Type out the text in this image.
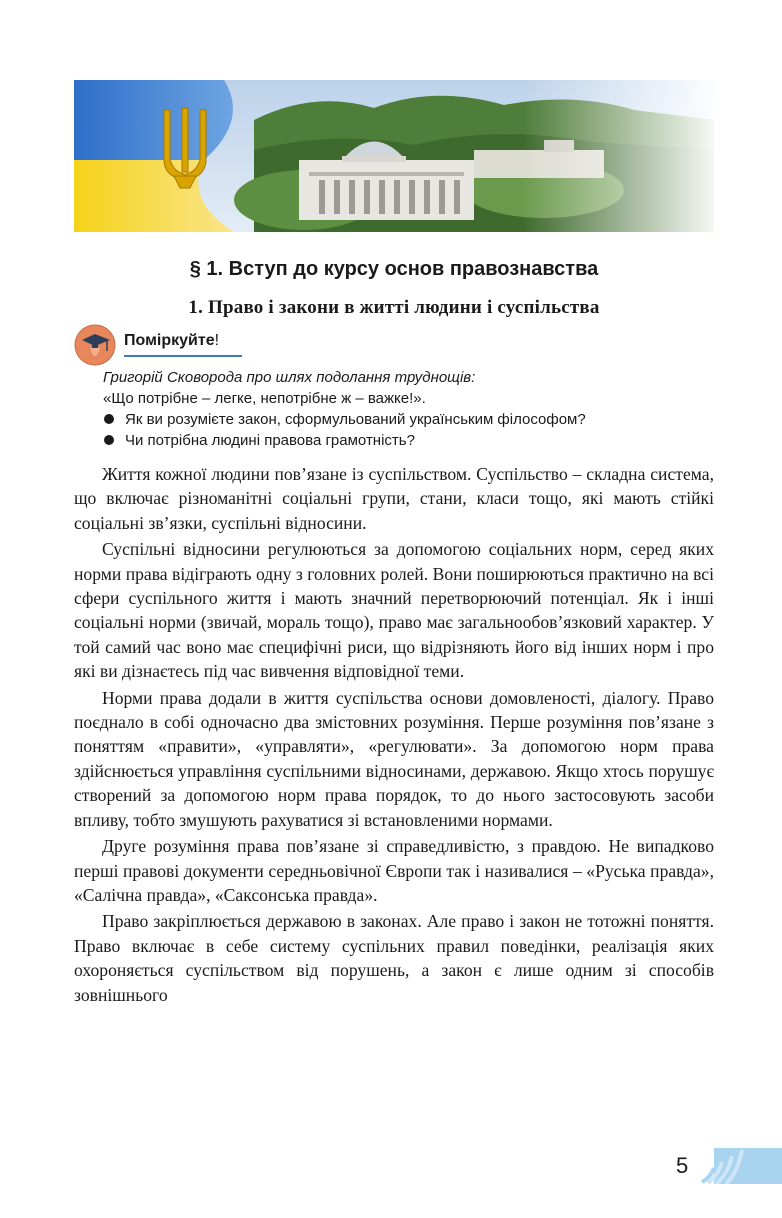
§ 1. Вступ до курсу основ правознавства
1. Право і закони в житті людини і суспільства
Поміркуйте!
Григорій Сковорода про шлях подолання труднощів:
«Що потрібне – легке, непотрібне ж – важке!».
Як ви розумієте закон, сформульований українським філософом?
Чи потрібна людині правова грамотність?

Життя кожної людини пов’язане із суспільством. Суспільство – складна система, що включає різноманітні соціальні групи, стани, класи тощо, які мають стійкі соціальні зв’язки, суспільні відносини.

Суспільні відносини регулюються за допомогою соціальних норм, серед яких норми права відіграють одну з головних ролей. Вони поширюються практично на всі сфери суспільного життя і мають значний перетворюючий потенціал. Як і інші соціальні норми (звичай, мораль тощо), право має загальнообов’язковий характер. У той самий час воно має специфічні риси, що відрізняють його від інших норм і про які ви дізнаєтесь під час вивчення відповідної теми.

Норми права додали в життя суспільства основи домовленості, діалогу. Право поєднало в собі одночасно два змістовних розуміння. Перше розуміння пов’язане з поняттям «правити», «управляти», «регулювати». За допомогою норм права здійснюється управління суспільними відносинами, державою. Якщо хтось порушує створений за допомогою норм права порядок, то до нього застосовують засоби впливу, тобто змушують рахуватися зі встановленими нормами.

Друге розуміння права пов’язане зі справедливістю, з правдою. Не випадково перші правові документи середньовічної Європи так і називалися – «Руська правда», «Салічна правда», «Саксонська правда».

Право закріплюється державою в законах. Але право і закон не тотожні поняття. Право включає в себе систему суспільних правил поведінки, реалізація яких охороняється суспільством від порушень, а закон є лише одним зі способів зовнішнього

5
